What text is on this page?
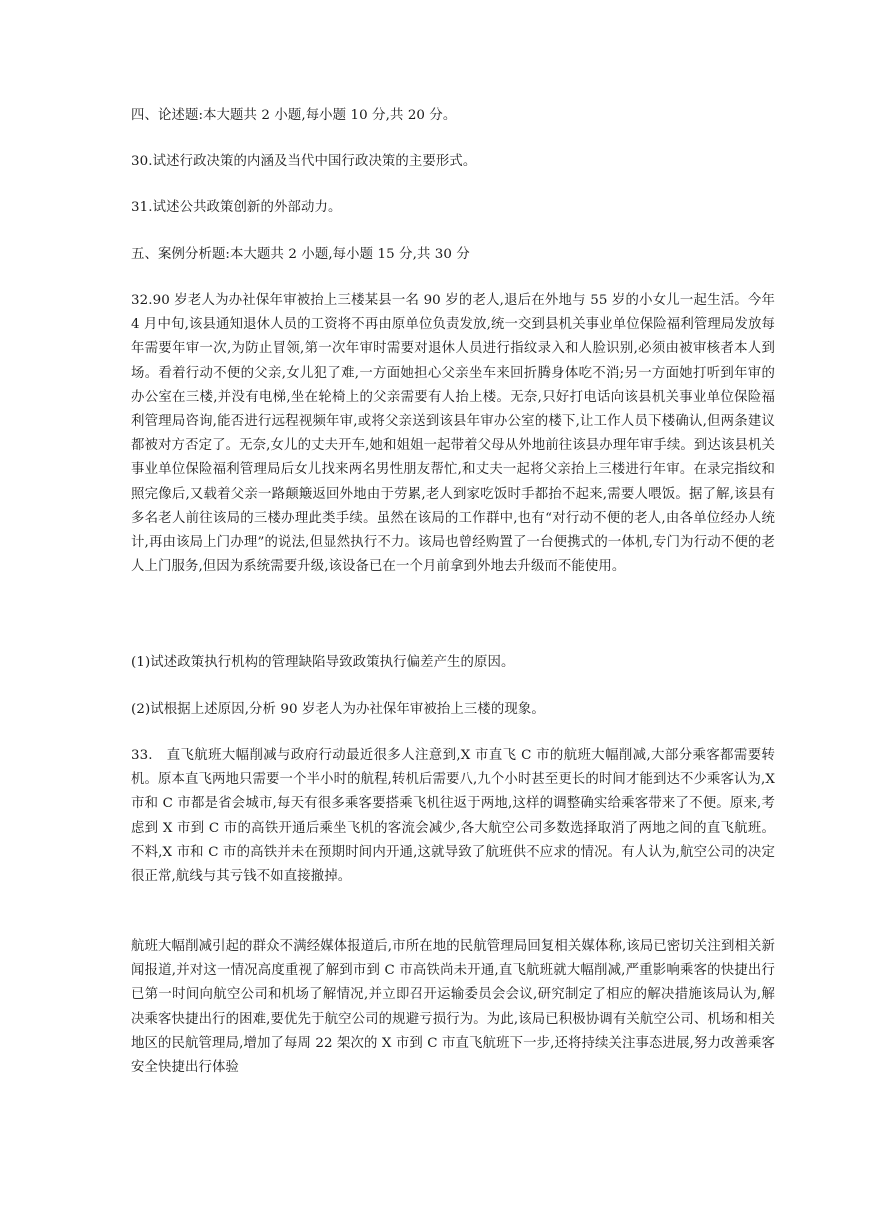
四、论述题:本大题共 2 小题,每小题 10 分,共 20 分。

30.试述行政决策的内涵及当代中国行政决策的主要形式。

31.试述公共政策创新的外部动力。

五、案例分析题:本大题共 2 小题,每小题 15 分,共 30 分

32.90 岁老人为办社保年审被抬上三楼某县一名 90 岁的老人,退后在外地与 55 岁的小女儿一起生活。今年 4 月中旬,该县通知退休人员的工资将不再由原单位负责发放,统一交到县机关事业单位保险福利管理局发放每年需要年审一次,为防止冒领,第一次年审时需要对退休人员进行指纹录入和人脸识别,必须由被审核者本人到场。看着行动不便的父亲,女儿犯了难,一方面她担心父亲坐车来回折腾身体吃不消;另一方面她打听到年审的办公室在三楼,并没有电梯,坐在轮椅上的父亲需要有人抬上楼。无奈,只好打电话向该县机关事业单位保险福利管理局咨询,能否进行远程视频年审,或将父亲送到该县年审办公室的楼下,让工作人员下楼确认,但两条建议都被对方否定了。无奈,女儿的丈夫开车,她和姐姐一起带着父母从外地前往该县办理年审手续。到达该县机关事业单位保险福利管理局后女儿找来两名男性朋友帮忙,和丈夫一起将父亲抬上三楼进行年审。在录完指纹和照完像后,又载着父亲一路颠簸返回外地由于劳累,老人到家吃饭时手都抬不起来,需要人喂饭。据了解,该县有多名老人前往该局的三楼办理此类手续。虽然在该局的工作群中,也有“对行动不便的老人,由各单位经办人统计,再由该局上门办理”的说法,但显然执行不力。该局也曾经购置了一台便携式的一体机,专门为行动不便的老人上门服务,但因为系统需要升级,该设备已在一个月前拿到外地去升级而不能使用。

(1)试述政策执行机构的管理缺陷导致政策执行偏差产生的原因。

(2)试根据上述原因,分析 90 岁老人为办社保年审被抬上三楼的现象。

33.　直飞航班大幅削减与政府行动最近很多人注意到,X 市直飞 C 市的航班大幅削减,大部分乘客都需要转机。原本直飞两地只需要一个半小时的航程,转机后需要八,九个小时甚至更长的时间才能到达不少乘客认为,X 市和 C 市都是省会城市,每天有很多乘客要搭乘飞机往返于两地,这样的调整确实给乘客带来了不便。原来,考虑到 X 市到 C 市的高铁开通后乘坐飞机的客流会减少,各大航空公司多数选择取消了两地之间的直飞航班。不料,X 市和 C 市的高铁并未在预期时间内开通,这就导致了航班供不应求的情况。有人认为,航空公司的决定很正常,航线与其亏钱不如直接撤掉。

航班大幅削减引起的群众不满经媒体报道后,市所在地的民航管理局回复相关媒体称,该局已密切关注到相关新闻报道,并对这一情况高度重视了解到市到 C 市高铁尚未开通,直飞航班就大幅削减,严重影响乘客的快捷出行已第一时间向航空公司和机场了解情况,并立即召开运输委员会会议,研究制定了相应的解决措施该局认为,解决乘客快捷出行的困难,要优先于航空公司的规避亏损行为。为此,该局已积极协调有关航空公司、机场和相关地区的民航管理局,增加了每周 22 架次的 X 市到 C 市直飞航班下一步,还将持续关注事态进展,努力改善乘客安全快捷出行体验
